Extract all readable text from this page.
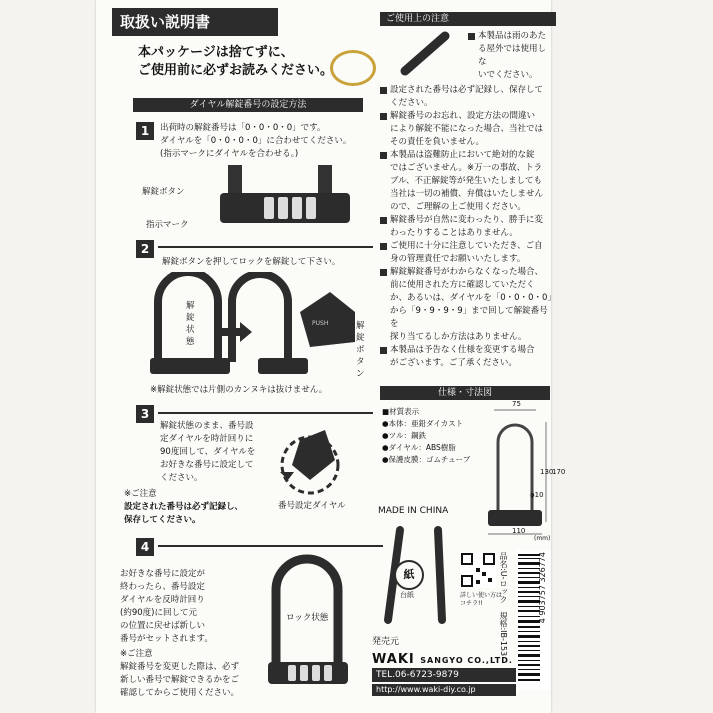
取扱い説明書
本パッケージは捨てずに、
ご使用前に必ずお読みください。
ダイヤル解錠番号の設定方法
1	出荷時の解錠番号は「0・0・0・0」です。
ダイヤルを「0・0・0・0」に合わせてください。
(指示マークにダイヤルを合わせる。)
解錠ボタン
指示マーク
2
解錠ボタンを押してロックを解錠して下さい。
解錠状態
PUSH	解錠ボタン
※解錠状態では片側のカンヌキは抜けません。
3
解錠状態のまま、番号設
定ダイヤルを時計回りに
90度回して、ダイヤルを
お好きな番号に設定して
ください。
番号設定ダイヤル
※ご注意
設定された番号は必ず記録し、
保存してください。
4
お好きな番号に設定が
終わったら、番号設定
ダイヤルを反時計回り
(約90度)に回して元
の位置に戻せば新しい
番号がセットされます。
ロック状態
※ご注意
解錠番号を変更した際は、必ず
新しい番号で解錠できるかをご
確認してからご使用ください。
ご使用上の注意
本製品は雨のあた
る屋外では使用しな
いでください。
設定された番号は必ず記録し、保存して
ください。
解錠番号のお忘れ、設定方法の間違い
により解錠不能になった場合、当社では
その責任を負いません。
本製品は盗難防止において絶対的な錠
ではございません。※万一の事故、トラ
ブル、不正解錠等が発生いたしましても
当社は一切の補償、弁償はいたしません
ので、ご理解の上ご使用ください。
解錠番号が自然に変わったり、勝手に変
わったりすることはありません。
ご使用に十分に注意していただき、ご自
身の管理責任でお願いいたします。
解錠解錠番号がわからなくなった場合、
前に使用された方に確認していただく
か、あるいは、ダイヤルを「0・0・0・0」
から「9・9・9・9」まで回して解錠番号を
探り当てるしか方法はありません。
本製品は予告なく仕様を変更する場合
がございます。ご了承ください。
仕様・寸法図
■材質表示
●本体：亜鉛ダイカスト
●ツル：鋼鉄
●ダイヤル：ABS樹脂
●保護皮膜：ゴムチューブ
75
170
130
φ10
110
(mm)
MADE IN CHINA
紙
台紙	詳しい使い方は
コチラ!!	品名:U-ロック　規格:IB-153	4 903757 326774
発売元
WAKI SANGYO CO.,LTD.
TEL.06-6723-9879
http://www.waki-diy.co.jp
